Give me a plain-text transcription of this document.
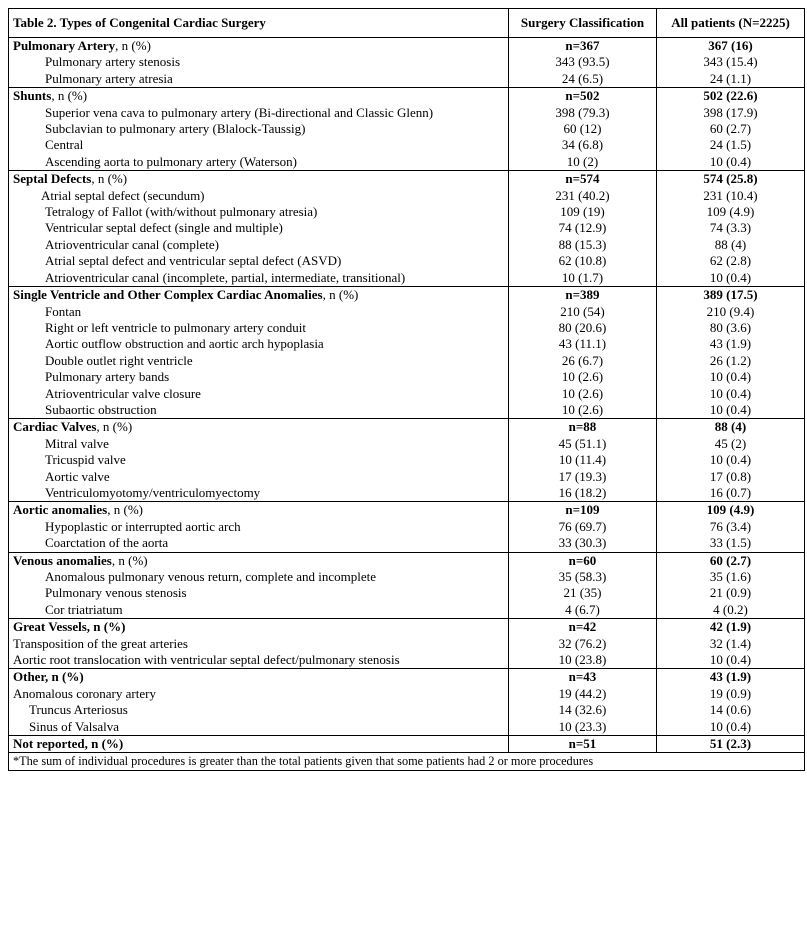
Table 2. Types of Congenital Cardiac Surgery	Surgery Classification	All patients (N=2225)
Pulmonary Artery, n (%)	n=367	367 (16)
Pulmonary artery stenosis	343 (93.5)	343 (15.4)
Pulmonary artery atresia	24 (6.5)	24 (1.1)
Shunts, n (%)	n=502	502 (22.6)
Superior vena cava to pulmonary artery (Bi-directional and Classic Glenn)	398 (79.3)	398 (17.9)
Subclavian to pulmonary artery (Blalock-Taussig)	60 (12)	60 (2.7)
Central	34 (6.8)	24 (1.5)
Ascending aorta to pulmonary artery (Waterson)	10 (2)	10 (0.4)
Septal Defects, n (%)	n=574	574 (25.8)
Atrial septal defect (secundum)	231 (40.2)	231 (10.4)
Tetralogy of Fallot (with/without pulmonary atresia)	109 (19)	109 (4.9)
Ventricular septal defect (single and multiple)	74 (12.9)	74 (3.3)
Atrioventricular canal (complete)	88 (15.3)	88 (4)
Atrial septal defect and ventricular septal defect (ASVD)	62 (10.8)	62 (2.8)
Atrioventricular canal (incomplete, partial, intermediate, transitional)	10 (1.7)	10 (0.4)
Single Ventricle and Other Complex Cardiac Anomalies, n (%)	n=389	389 (17.5)
Fontan	210 (54)	210 (9.4)
Right or left ventricle to pulmonary artery conduit	80 (20.6)	80 (3.6)
Aortic outflow obstruction and aortic arch hypoplasia	43 (11.1)	43 (1.9)
Double outlet right ventricle	26 (6.7)	26 (1.2)
Pulmonary artery bands	10 (2.6)	10 (0.4)
Atrioventricular valve closure	10 (2.6)	10 (0.4)
Subaortic obstruction	10 (2.6)	10 (0.4)
Cardiac Valves, n (%)	n=88	88 (4)
Mitral valve	45 (51.1)	45 (2)
Tricuspid valve	10 (11.4)	10 (0.4)
Aortic valve	17 (19.3)	17 (0.8)
Ventriculomyotomy/ventriculomyectomy	16 (18.2)	16 (0.7)
Aortic anomalies, n (%)	n=109	109 (4.9)
Hypoplastic or interrupted aortic arch	76 (69.7)	76 (3.4)
Coarctation of the aorta	33 (30.3)	33 (1.5)
Venous anomalies, n (%)	n=60	60 (2.7)
Anomalous pulmonary venous return, complete and incomplete	35 (58.3)	35 (1.6)
Pulmonary venous stenosis	21 (35)	21 (0.9)
Cor triatriatum	4 (6.7)	4 (0.2)
Great Vessels, n (%)	n=42	42 (1.9)
Transposition of the great arteries	32 (76.2)	32 (1.4)
Aortic root translocation with ventricular septal defect/pulmonary stenosis	10 (23.8)	10 (0.4)
Other, n (%)	n=43	43 (1.9)
Anomalous coronary artery	19 (44.2)	19 (0.9)
Truncus Arteriosus	14 (32.6)	14 (0.6)
Sinus of Valsalva	10 (23.3)	10 (0.4)
Not reported, n (%)	n=51	51 (2.3)
*The sum of individual procedures is greater than the total patients given that some patients had 2 or more procedures		
